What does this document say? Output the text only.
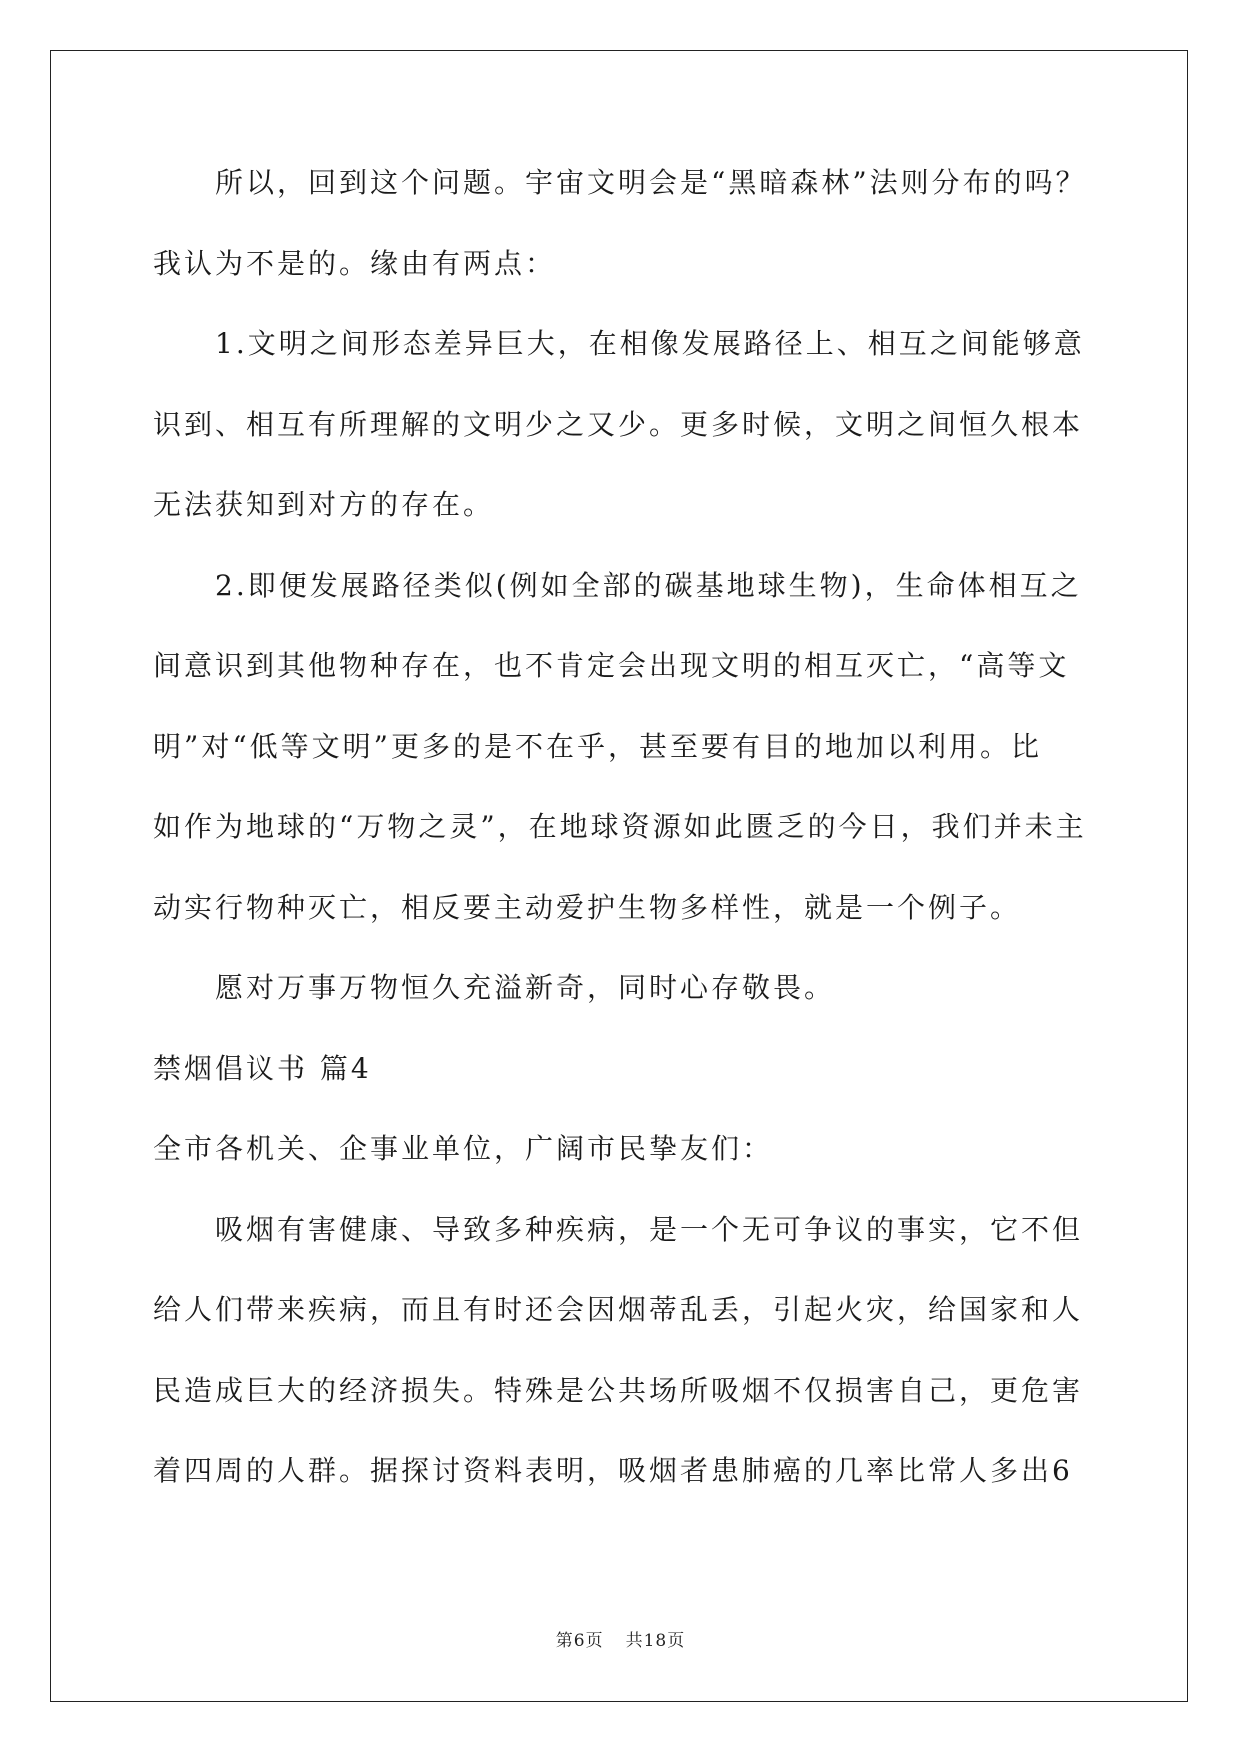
所以，回到这个问题。宇宙文明会是“黑暗森林”法则分布的吗？
我认为不是的。缘由有两点：
1.文明之间形态差异巨大，在相像发展路径上、相互之间能够意
识到、相互有所理解的文明少之又少。更多时候，文明之间恒久根本
无法获知到对方的存在。
2.即便发展路径类似(例如全部的碳基地球生物)，生命体相互之
间意识到其他物种存在，也不肯定会出现文明的相互灭亡，“高等文
明”对“低等文明”更多的是不在乎，甚至要有目的地加以利用。比
如作为地球的“万物之灵”，在地球资源如此匮乏的今日，我们并未主
动实行物种灭亡，相反要主动爱护生物多样性，就是一个例子。
愿对万事万物恒久充溢新奇，同时心存敬畏。
禁烟倡议书 篇4
全市各机关、企事业单位，广阔市民挚友们：
吸烟有害健康、导致多种疾病，是一个无可争议的事实，它不但
给人们带来疾病，而且有时还会因烟蒂乱丢，引起火灾，给国家和人
民造成巨大的经济损失。特殊是公共场所吸烟不仅损害自己，更危害
着四周的人群。据探讨资料表明，吸烟者患肺癌的几率比常人多出6
第6页 共18页
